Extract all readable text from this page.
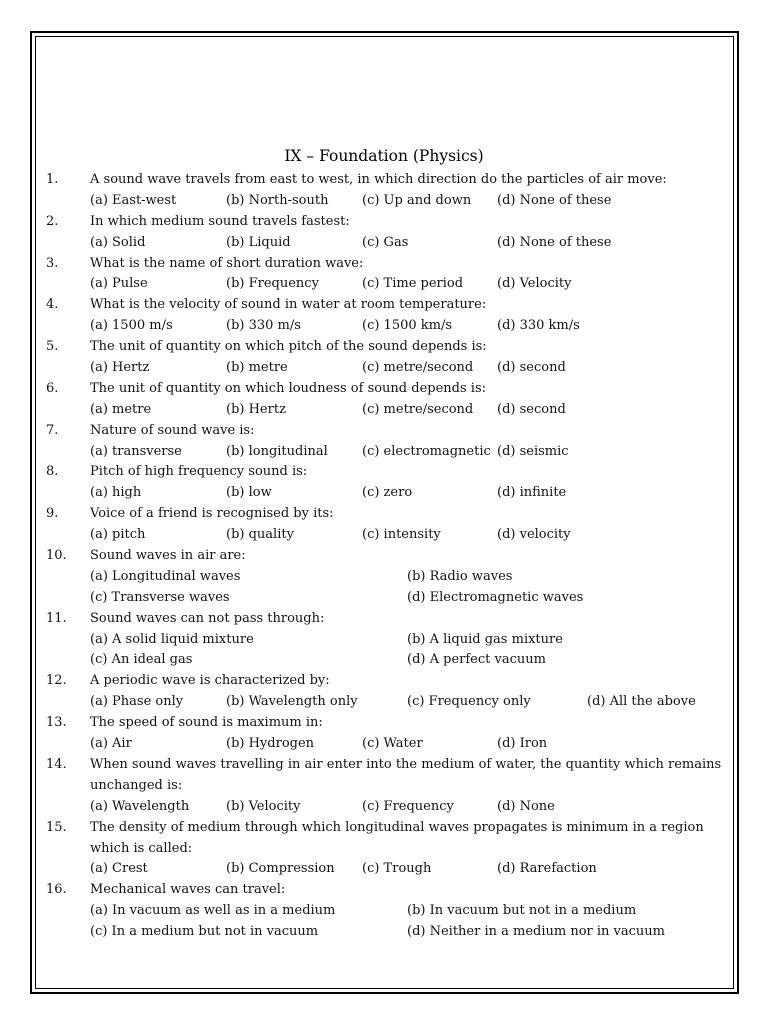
IX – Foundation (Physics)
1. A sound wave travels from east to west, in which direction do the particles of air move:
(a) East-west	(b) North-south	(c) Up and down (d) None of these
2. In which medium sound travels fastest:
(a) Solid	(b) Liquid	(c) Gas	(d) None of these
3. What is the name of short duration wave:
(a) Pulse	(b) Frequency	(c) Time period	(d) Velocity
4. What is the velocity of sound in water at room temperature:
(a) 1500 m/s	(b) 330 m/s	(c) 1500 km/s	(d) 330 km/s
5. The unit of quantity on which pitch of the sound depends is:
(a) Hertz	(b) metre	(c) metre/second (d) second
6. The unit of quantity on which loudness of sound depends is:
(a) metre	(b) Hertz	(c) metre/second (d) second
7. Nature of sound wave is:
(a) transverse	(b) longitudinal	(c) electromagnetic (d) seismic
8. Pitch of high frequency sound is:
(a) high	(b) low	(c) zero	(d) infinite
9. Voice of a friend is recognised by its:
(a) pitch	(b) quality	(c) intensity	(d) velocity
10. Sound waves in air are:
(a) Longitudinal waves	(b) Radio waves
(c) Transverse waves	(d) Electromagnetic waves
11. Sound waves can not pass through:
(a) A solid liquid mixture	(b) A liquid gas mixture
(c) An ideal gas	(d) A perfect vacuum
12. A periodic wave is characterized by:
(a) Phase only	(b) Wavelength only	(c) Frequency only	(d) All the above
13. The speed of sound is maximum in:
(a) Air	(b) Hydrogen	(c) Water	(d) Iron
14. When sound waves travelling in air enter into the medium of water, the quantity which remains
unchanged is:
(a) Wavelength	(b) Velocity	(c) Frequency	(d) None
15. The density of medium through which longitudinal waves propagates is minimum in a region
which is called:
(a) Crest	(b) Compression (c) Trough	(d) Rarefaction
16. Mechanical waves can travel:
(a) In vacuum as well as in a medium	(b) In vacuum but not in a medium
(c) In a medium but not in vacuum	(d) Neither in a medium nor in vacuum
